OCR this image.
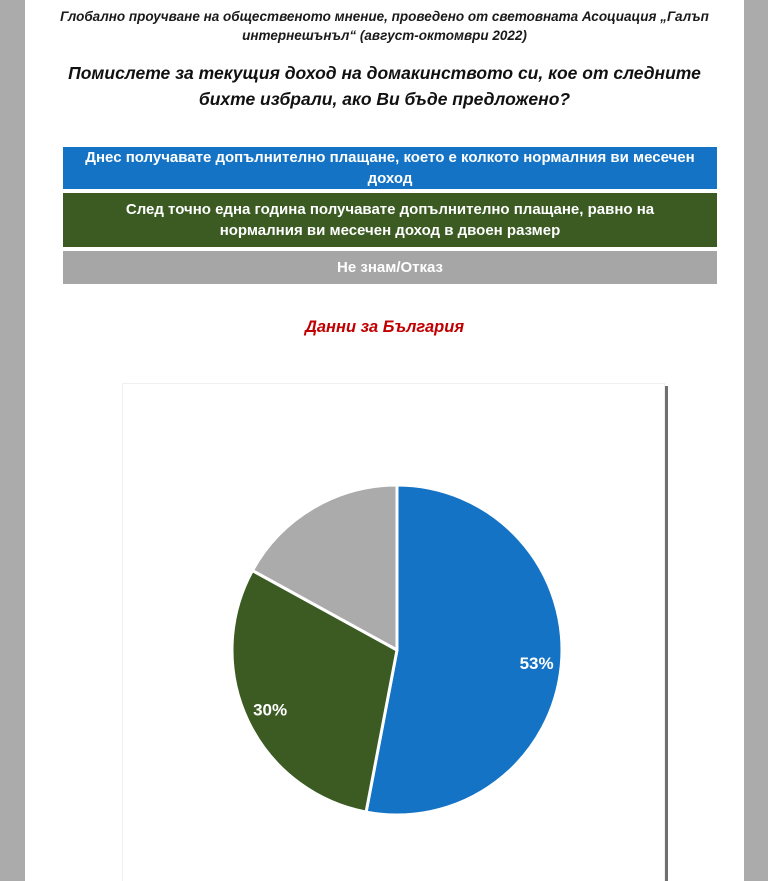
Глобално проучване на общественото мнение, проведено от световната Асоциация „Галъп интернешънъл“ (август-октомври 2022)
Помислете за текущия доход на домакинството си, кое от следните бихте избрали, ако Ви бъде предложено?
Днес получавате допълнително плащане, което е колкото нормалния ви месечен доход
След точно една година получавате допълнително плащане, равно на нормалния ви месечен доход в двоен размер
Не знам/Отказ
Данни за България
53%
30%
